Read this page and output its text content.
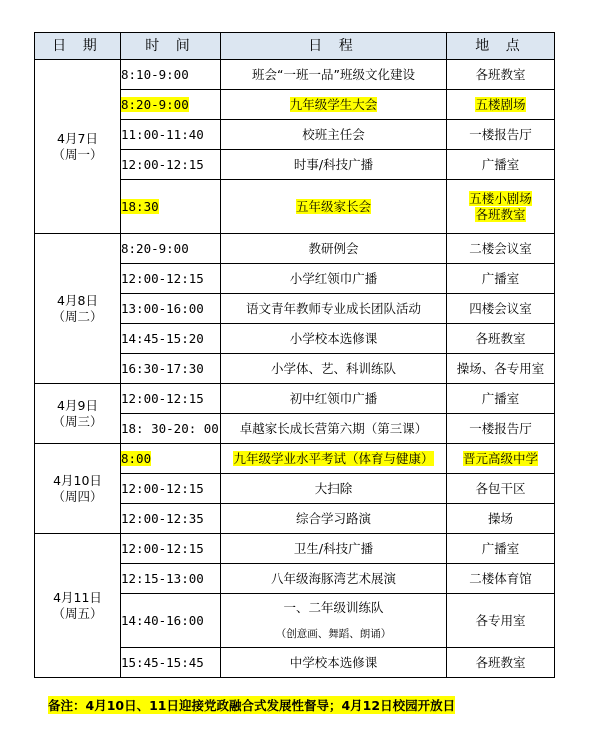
日 期	时 间	日 程	地 点

4月7日
（周一）	8:10-9:00	班会“一班一品”班级文化建设	各班教室
	8:20-9:00	九年级学生大会	五楼剧场
	11:00-11:40	校班主任会	一楼报告厅
	12:00-12:15	时事/科技广播	广播室
	18:30	五年级家长会	五楼小剧场
各班教室

4月8日
（周二）	8:20-9:00	教研例会	二楼会议室
	12:00-12:15	小学红领巾广播	广播室
	13:00-16:00	语文青年教师专业成长团队活动	四楼会议室
	14:45-15:20	小学校本选修课	各班教室
	16:30-17:30	小学体、艺、科训练队	操场、各专用室

4月9日
（周三）	12:00-12:15	初中红领巾广播	广播室
	18: 30-20: 00	卓越家长成长营第六期（第三课）	一楼报告厅

4月10日
（周四）	8:00	九年级学业水平考试（体育与健康）	晋元高级中学
	12:00-12:15	大扫除	各包干区
	12:00-12:35	综合学习路演	操场

4月11日
（周五）	12:00-12:15	卫生/科技广播	广播室
	12:15-13:00	八年级海豚湾艺术展演	二楼体育馆
	14:40-16:00	一、二年级训练队
（创意画、舞蹈、朗诵）	各专用室
	15:45-15:45	中学校本选修课	各班教室
备注：4月10日、11日迎接党政融合式发展性督导；4月12日校园开放日
